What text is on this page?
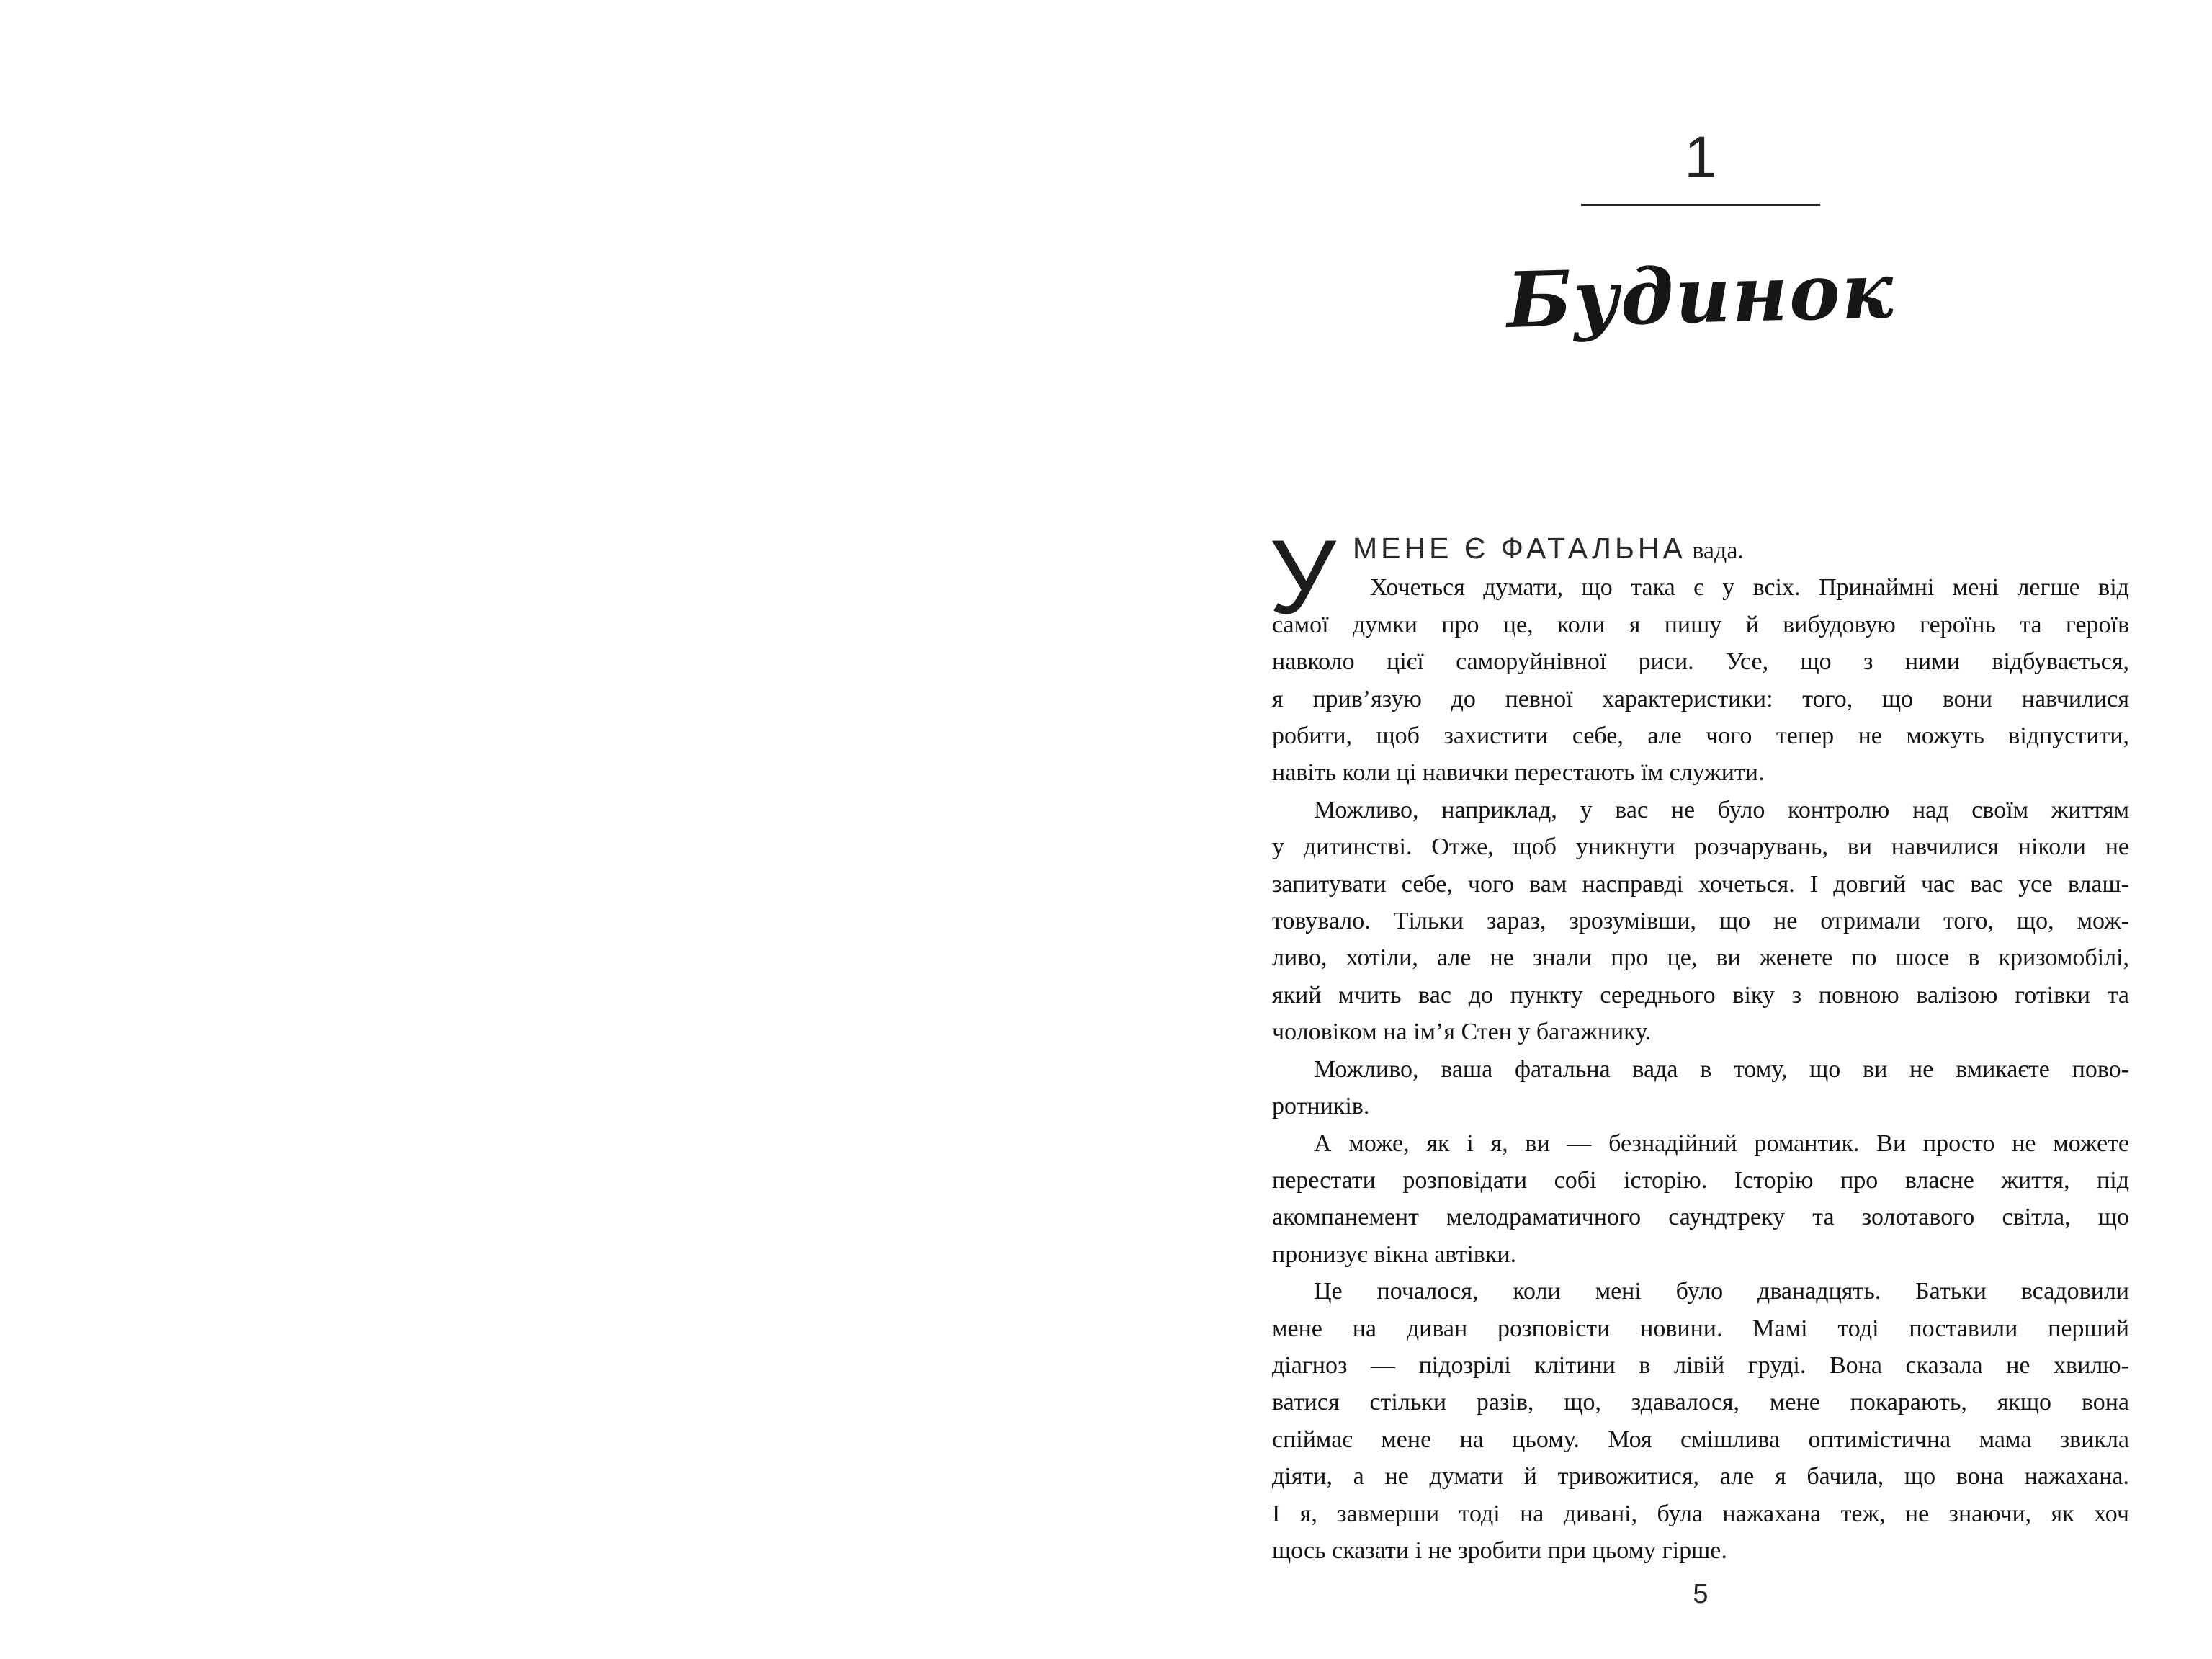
1
Будинок
У МЕНЕ Є ФАТАЛЬНА вада.
Хочеться думати, що така є у всіх. Принаймні мені легше від
самої думки про це, коли я пишу й вибудовую героїнь та героїв
навколо цієї саморуйнівної риси. Усе, що з ними відбувається,
я прив’язую до певної характеристики: того, що вони навчилися
робити, щоб захистити себе, але чого тепер не можуть відпустити,
навіть коли ці навички перестають їм служити.
Можливо, наприклад, у вас не було контролю над своїм життям
у дитинстві. Отже, щоб уникнути розчарувань, ви навчилися ніколи не
запитувати себе, чого вам насправді хочеться. І довгий час вас усе влаш-
товувало. Тільки зараз, зрозумівши, що не отримали того, що, мож-
ливо, хотіли, але не знали про це, ви женете по шосе в кризомобілі,
який мчить вас до пункту середнього віку з повною валізою готівки та
чоловіком на ім’я Стен у багажнику.
Можливо, ваша фатальна вада в тому, що ви не вмикаєте пово-
ротників.
А може, як і я, ви — безнадійний романтик. Ви просто не можете
перестати розповідати собі історію. Історію про власне життя, під
акомпанемент мелодраматичного саундтреку та золотавого світла, що
пронизує вікна автівки.
Це почалося, коли мені було дванадцять. Батьки всадовили
мене на диван розповісти новини. Мамі тоді поставили перший
діагноз — підозрілі клітини в лівій груді. Вона сказала не хвилю-
ватися стільки разів, що, здавалося, мене покарають, якщо вона
спіймає мене на цьому. Моя смішлива оптимістична мама звикла
діяти, а не думати й тривожитися, але я бачила, що вона нажахана.
І я, завмерши тоді на дивані, була нажахана теж, не знаючи, як хоч
щось сказати і не зробити при цьому гірше.
5
